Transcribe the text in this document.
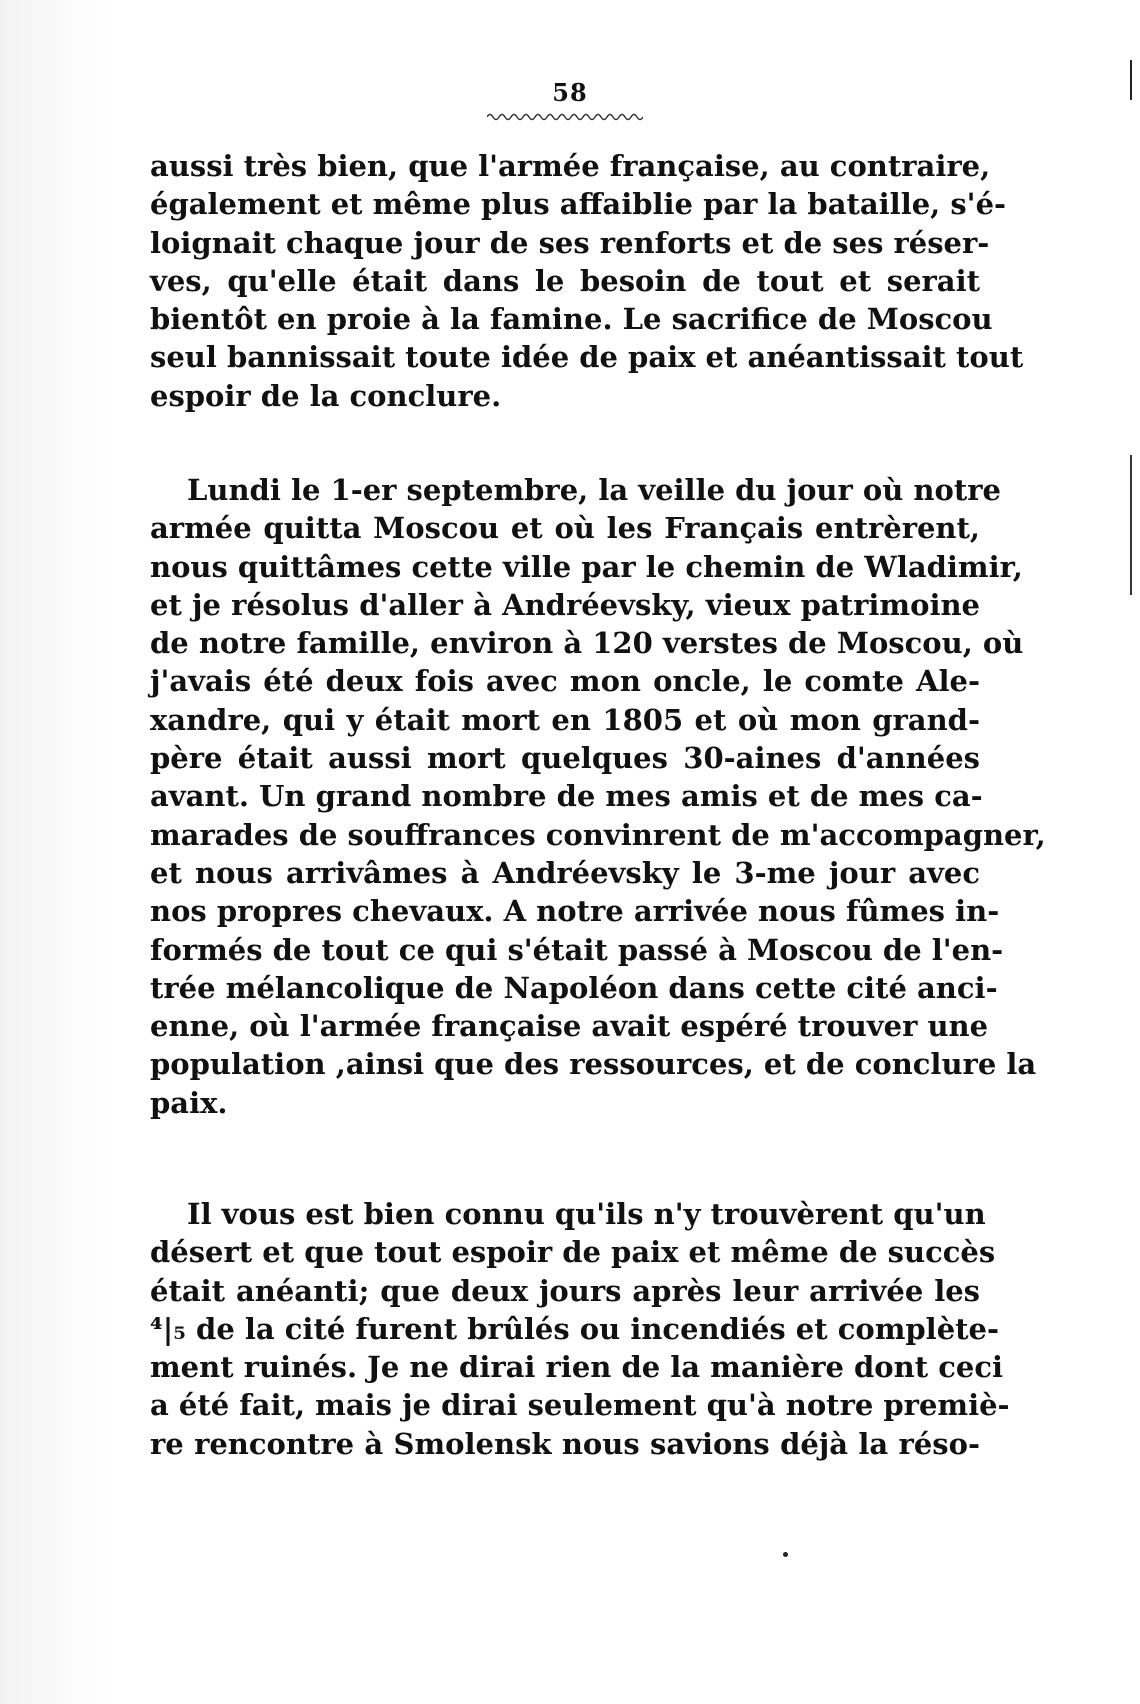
58
aussi très bien, que l'armée française, au contraire,
également et même plus affaiblie par la bataille, s'é-
loignait chaque jour de ses renforts et de ses réser-
ves, qu'elle était dans le besoin de tout et serait
bientôt en proie à la famine. Le sacrifice de Moscou
seul bannissait toute idée de paix et anéantissait tout
espoir de la conclure.
Lundi le 1-er septembre, la veille du jour où notre
armée quitta Moscou et où les Français entrèrent,
nous quittâmes cette ville par le chemin de Wladimir,
et je résolus d'aller à Andréevsky, vieux patrimoine
de notre famille, environ à 120 verstes de Moscou, où
j'avais été deux fois avec mon oncle, le comte Ale-
xandre, qui y était mort en 1805 et où mon grand-
père était aussi mort quelques 30-aines d'années
avant. Un grand nombre de mes amis et de mes ca-
marades de souffrances convinrent de m'accompagner,
et nous arrivâmes à Andréevsky le 3-me jour avec
nos propres chevaux. A notre arrivée nous fûmes in-
formés de tout ce qui s'était passé à Moscou de l'en-
trée mélancolique de Napoléon dans cette cité anci-
enne, où l'armée française avait espéré trouver une
population ,ainsi que des ressources, et de conclure la
paix.
Il vous est bien connu qu'ils n'y trouvèrent qu'un
désert et que tout espoir de paix et même de succès
était anéanti; que deux jours après leur arrivée les
⁴|₅ de la cité furent brûlés ou incendiés et complète-
ment ruinés. Je ne dirai rien de la manière dont ceci
a été fait, mais je dirai seulement qu'à notre premiè-
re rencontre à Smolensk nous savions déjà la réso-
